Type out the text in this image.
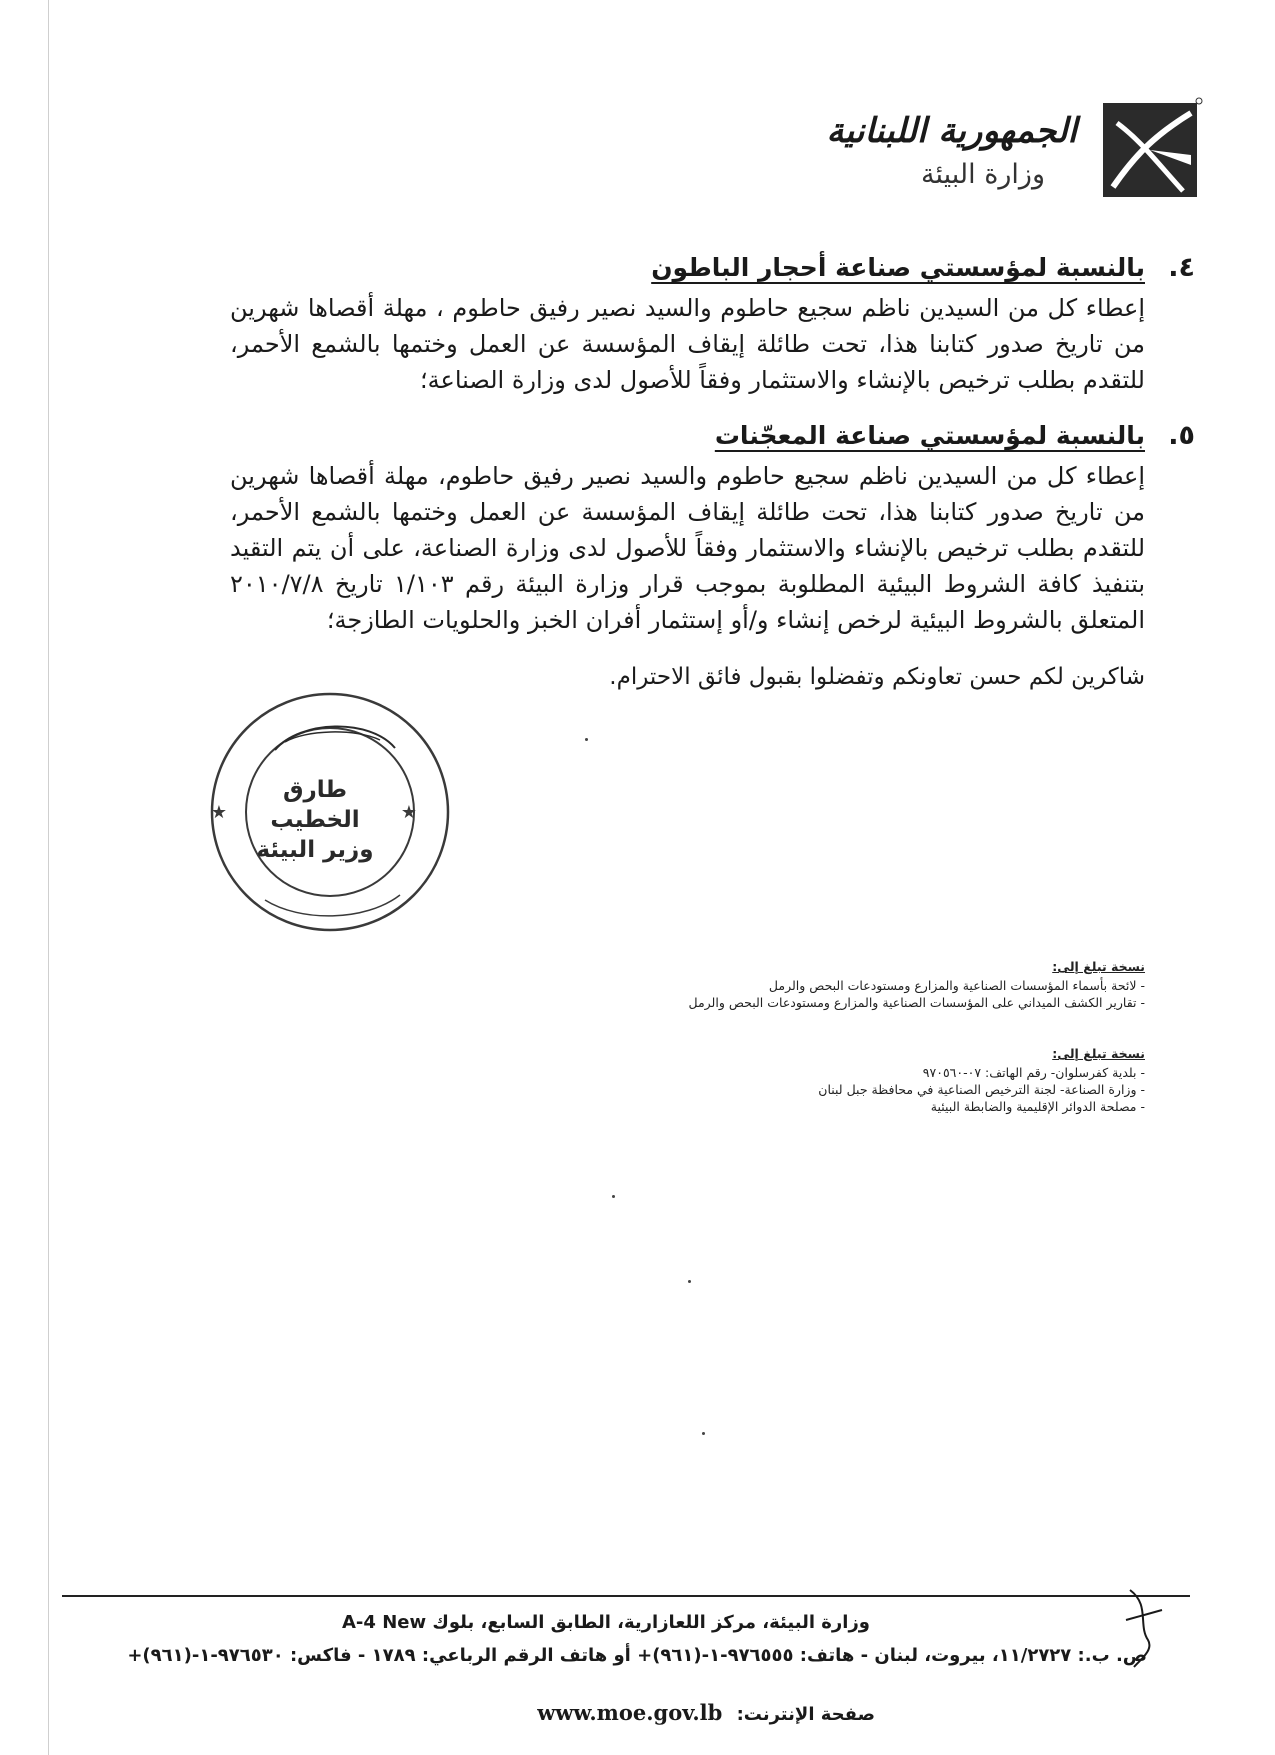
الجمهورية اللبنانية
وزارة البيئة
٤.
بالنسبة لمؤسستي صناعة أحجار الباطون

إعطاء كل من السيدين ناظم سجيع حاطوم والسيد نصير رفيق حاطوم ، مهلة أقصاها شهرين من تاريخ صدور كتابنا هذا، تحت طائلة إيقاف المؤسسة عن العمل وختمها بالشمع الأحمر، للتقدم بطلب ترخيص بالإنشاء والاستثمار وفقاً للأصول لدى وزارة الصناعة؛

٥.
بالنسبة لمؤسستي صناعة المعجّنات

إعطاء كل من السيدين ناظم سجيع حاطوم والسيد نصير رفيق حاطوم، مهلة أقصاها شهرين من تاريخ صدور كتابنا هذا، تحت طائلة إيقاف المؤسسة عن العمل وختمها بالشمع الأحمر، للتقدم بطلب ترخيص بالإنشاء والاستثمار وفقاً للأصول لدى وزارة الصناعة، على أن يتم التقيد بتنفيذ كافة الشروط البيئية المطلوبة بموجب قرار وزارة البيئة رقم ١/١٠٣ تاريخ ٢٠١٠/٧/٨ المتعلق بالشروط البيئية لرخص إنشاء و/أو إستثمار أفران الخبز والحلويات الطازجة؛

شاكرين لكم حسن تعاونكم وتفضلوا بقبول فائق الاحترام.
★	★
طارق الخطيب
وزير البيئة
نسخة تبلغ إلى:
- لائحة بأسماء المؤسسات الصناعية والمزارع ومستودعات البحص والرمل
- تقارير الكشف الميداني على المؤسسات الصناعية والمزارع ومستودعات البحص والرمل
نسخة تبلغ إلى:
- بلدية كفرسلوان- رقم الهاتف: ٠٧-٩٧٠٥٦٠
- وزارة الصناعة- لجنة الترخيص الصناعية في محافظة جبل لبنان
- مصلحة الدوائر الإقليمية والضابطة البيئية
وزارة البيئة، مركز اللعازارية، الطابق السابع، بلوك A-4 New
ص. ب.: ١١/٢٧٢٧، بيروت، لبنان - هاتف: ٩٧٦٥٥٥-١-(٩٦١)+ أو هاتف الرقم الرباعي: ١٧٨٩ - فاكس: ٩٧٦٥٣٠-١-(٩٦١)+
صفحة الإنترنت: www.moe.gov.lb
